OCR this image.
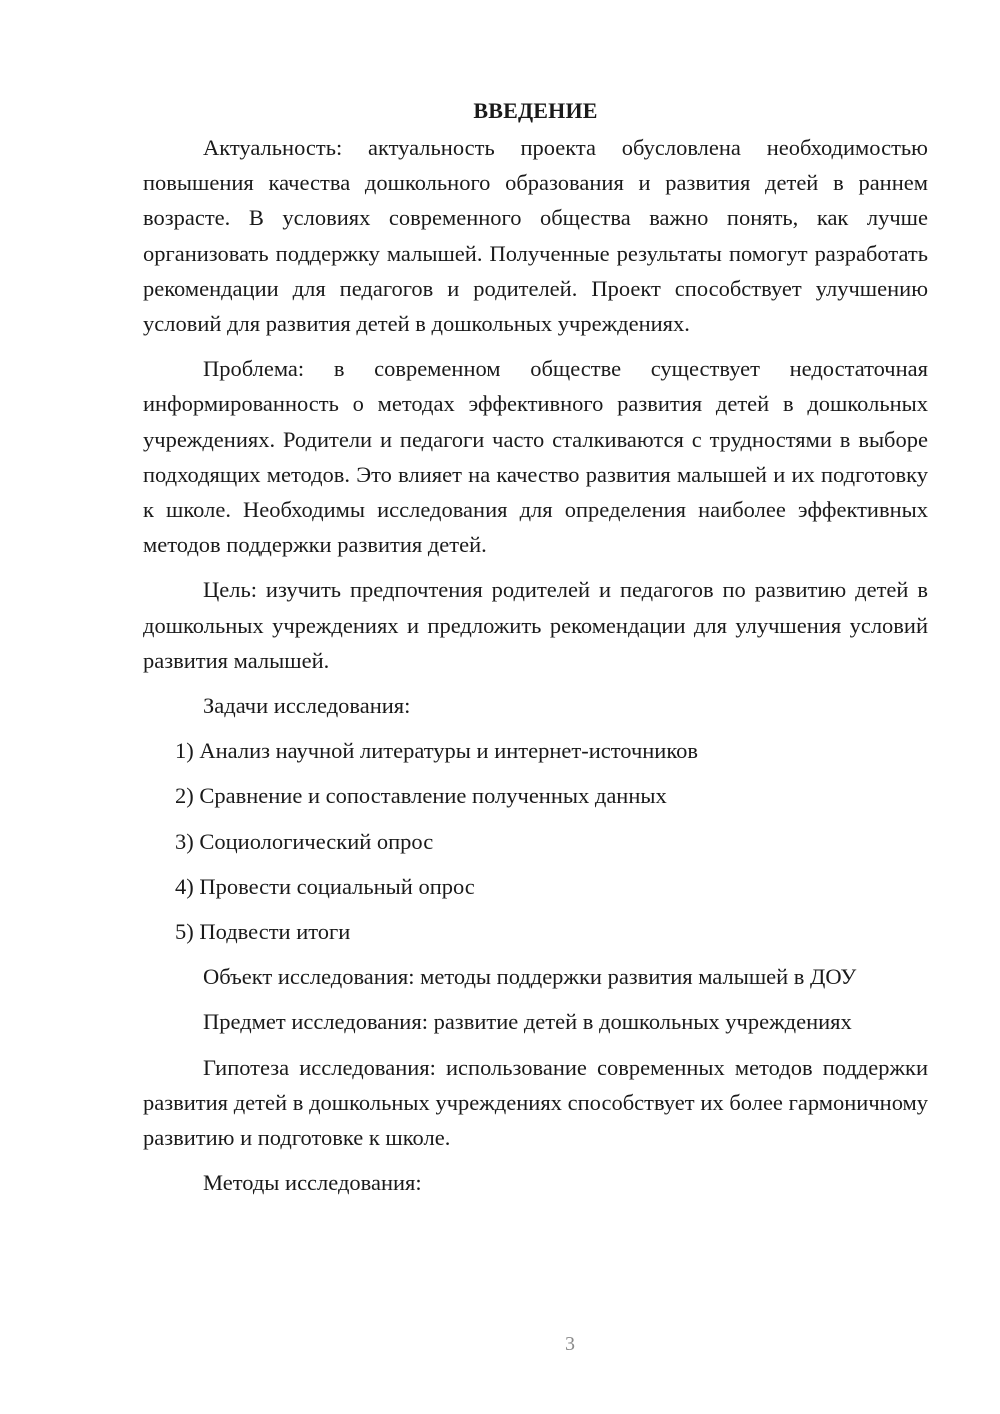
ВВЕДЕНИЕ

Актуальность: актуальность проекта обусловлена необходимостью повышения качества дошкольного образования и развития детей в раннем возрасте. В условиях современного общества важно понять, как лучше организовать поддержку малышей. Полученные результаты помогут разработать рекомендации для педагогов и родителей. Проект способствует улучшению условий для развития детей в дошкольных учреждениях.

Проблема: в современном обществе существует недостаточная информированность о методах эффективного развития детей в дошкольных учреждениях. Родители и педагоги часто сталкиваются с трудностями в выборе подходящих методов. Это влияет на качество развития малышей и их подготовку к школе. Необходимы исследования для определения наиболее эффективных методов поддержки развития детей.

Цель: изучить предпочтения родителей и педагогов по развитию детей в дошкольных учреждениях и предложить рекомендации для улучшения условий развития малышей.

Задачи исследования:
1) Анализ научной литературы и интернет-источников
2) Сравнение и сопоставление полученных данных
3) Социологический опрос
4) Провести социальный опрос
5) Подвести итоги
Объект исследования: методы поддержки развития малышей в ДОУ
Предмет исследования: развитие детей в дошкольных учреждениях

Гипотеза исследования: использование современных методов поддержки развития детей в дошкольных учреждениях способствует их более гармоничному развитию и подготовке к школе.

Методы исследования:
3
